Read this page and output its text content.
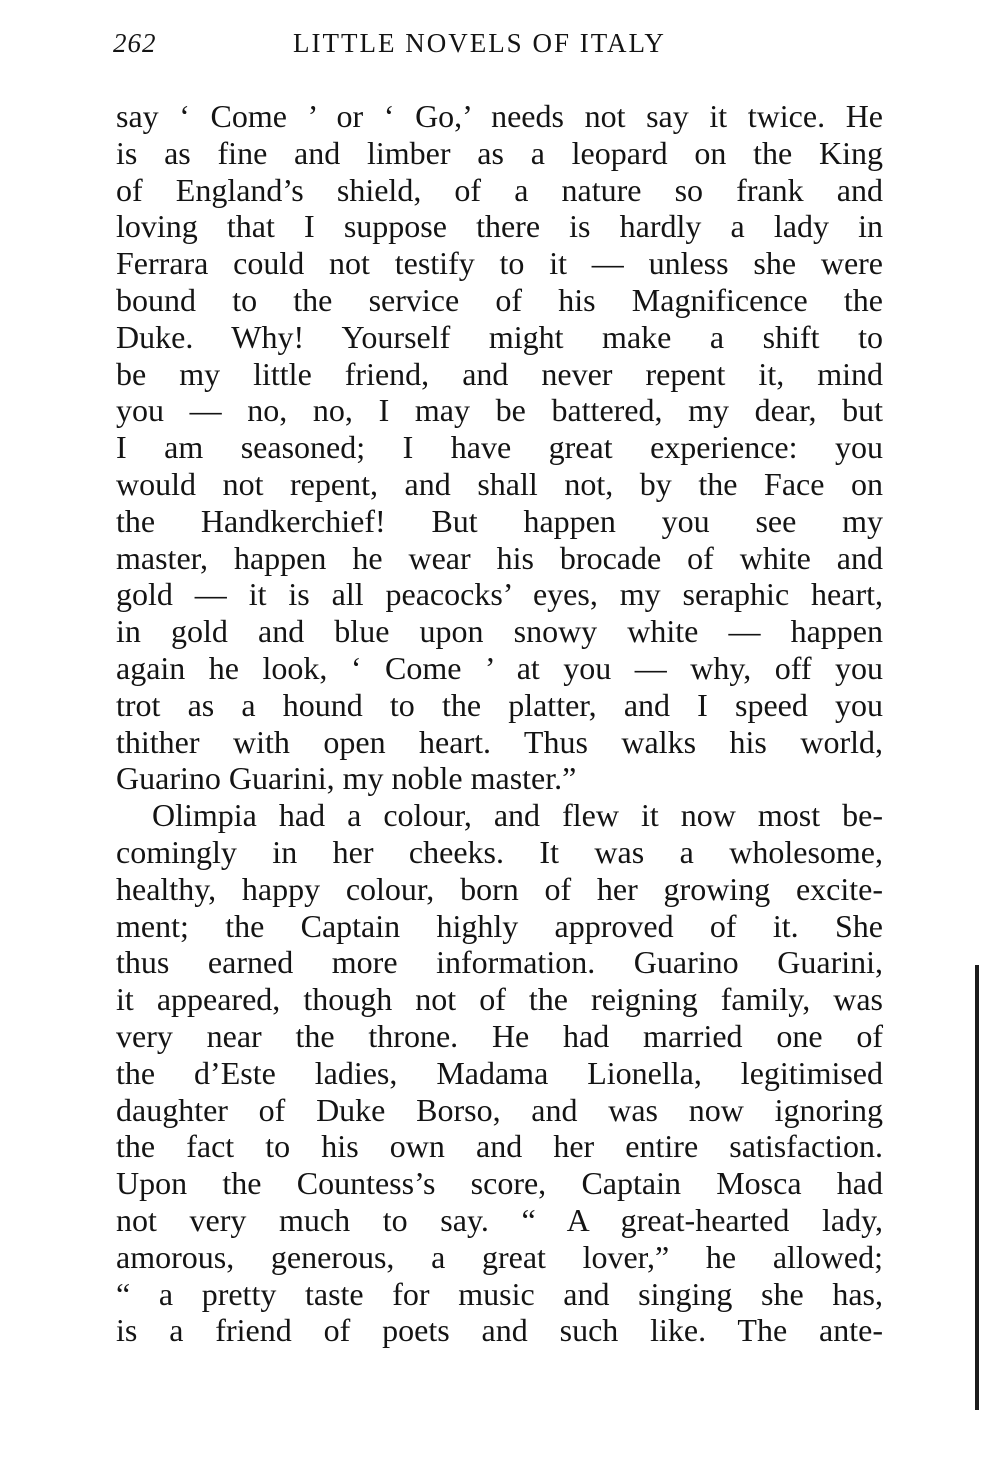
262	LITTLE NOVELS OF ITALY
say ‘ Come ’ or ‘ Go,’ needs not say it twice. He
is as fine and limber as a leopard on the King
of England’s shield, of a nature so frank and
loving that I suppose there is hardly a lady in
Ferrara could not testify to it — unless she were
bound to the service of his Magnificence the
Duke. Why! Yourself might make a shift to
be my little friend, and never repent it, mind
you — no, no, I may be battered, my dear, but
I am seasoned; I have great experience: you
would not repent, and shall not, by the Face on
the Handkerchief! But happen you see my
master, happen he wear his brocade of white and
gold — it is all peacocks’ eyes, my seraphic heart,
in gold and blue upon snowy white — happen
again he look, ‘ Come ’ at you — why, off you
trot as a hound to the platter, and I speed you
thither with open heart. Thus walks his world,
Guarino Guarini, my noble master.”
Olimpia had a colour, and flew it now most be-
comingly in her cheeks. It was a wholesome,
healthy, happy colour, born of her growing excite-
ment; the Captain highly approved of it. She
thus earned more information. Guarino Guarini,
it appeared, though not of the reigning family, was
very near the throne. He had married one of
the d’Este ladies, Madama Lionella, legitimised
daughter of Duke Borso, and was now ignoring
the fact to his own and her entire satisfaction.
Upon the Countess’s score, Captain Mosca had
not very much to say. “ A great-hearted lady,
amorous, generous, a great lover,” he allowed;
“ a pretty taste for music and singing she has,
is a friend of poets and such like. The ante-
